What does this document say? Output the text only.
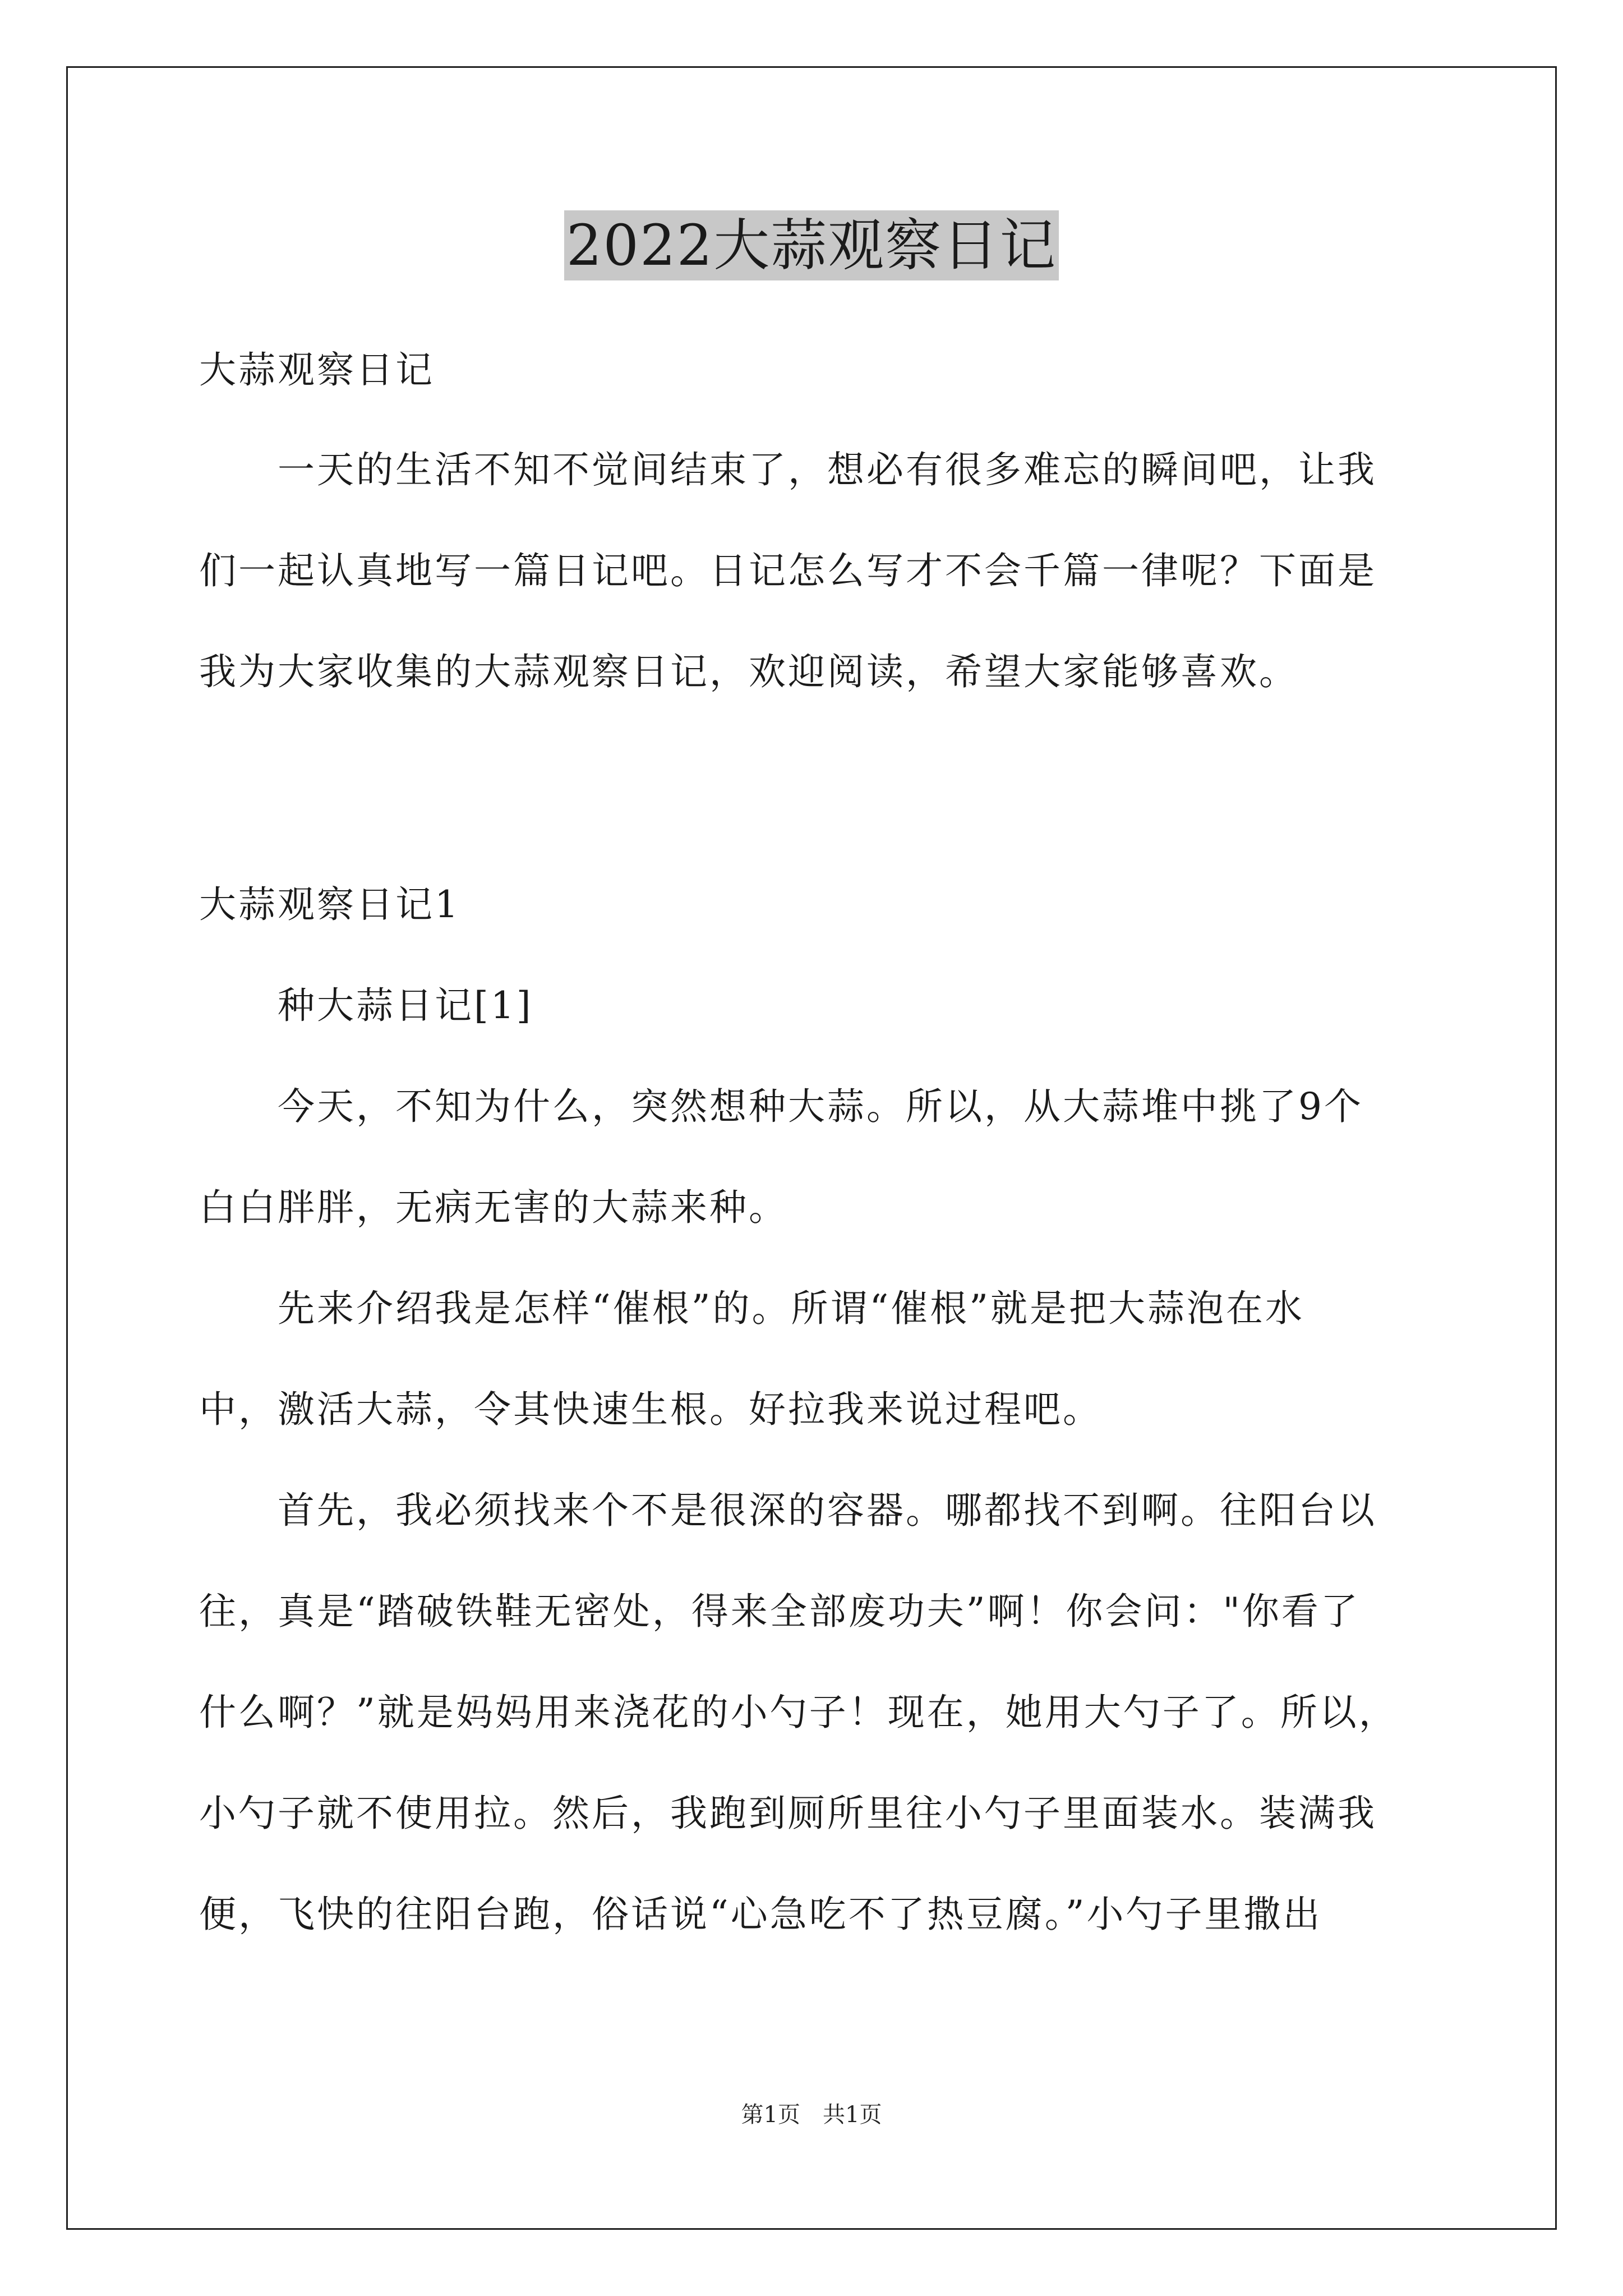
2022大蒜观察日记

大蒜观察日记

一天的生活不知不觉间结束了，想必有很多难忘的瞬间吧，让我

们一起认真地写一篇日记吧。日记怎么写才不会千篇一律呢？下面是

我为大家收集的大蒜观察日记，欢迎阅读，希望大家能够喜欢。

大蒜观察日记1

种大蒜日记[1]

今天，不知为什么，突然想种大蒜。所以，从大蒜堆中挑了9个

白白胖胖，无病无害的大蒜来种。

先来介绍我是怎样“催根”的。所谓“催根”就是把大蒜泡在水

中，激活大蒜，令其快速生根。好拉我来说过程吧。

首先，我必须找来个不是很深的容器。哪都找不到啊。往阳台以

往，真是“踏破铁鞋无密处，得来全部废功夫”啊！你会问："你看了

什么啊？”就是妈妈用来浇花的小勺子！现在，她用大勺子了。所以，

小勺子就不使用拉。然后，我跑到厕所里往小勺子里面装水。装满我

便，飞快的往阳台跑，俗话说“心急吃不了热豆腐。”小勺子里撒出

第1页　共1页
